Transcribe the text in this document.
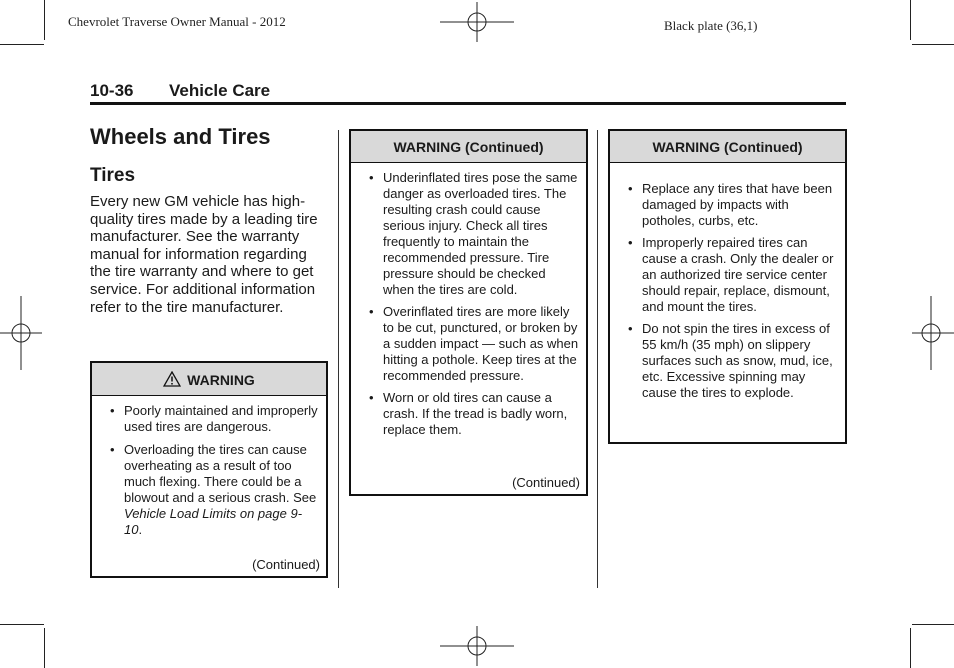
Chevrolet Traverse Owner Manual - 2012	Black plate (36,1)
10-36 Vehicle Care
Wheels and Tires
Tires

Every new GM vehicle has high-quality tires made by a leading tire manufacturer. See the warranty manual for information regarding the tire warranty and where to get service. For additional information refer to the tire manufacturer.

WARNING
• Poorly maintained and improperly used tires are dangerous.
• Overloading the tires can cause overheating as a result of too much flexing. There could be a blowout and a serious crash. See Vehicle Load Limits on page 9-10.
(Continued)
WARNING (Continued)
• Underinflated tires pose the same danger as overloaded tires. The resulting crash could cause serious injury. Check all tires frequently to maintain the recommended pressure. Tire pressure should be checked when the tires are cold.
• Overinflated tires are more likely to be cut, punctured, or broken by a sudden impact — such as when hitting a pothole. Keep tires at the recommended pressure.
• Worn or old tires can cause a crash. If the tread is badly worn, replace them.
(Continued)
WARNING (Continued)
• Replace any tires that have been damaged by impacts with potholes, curbs, etc.
• Improperly repaired tires can cause a crash. Only the dealer or an authorized tire service center should repair, replace, dismount, and mount the tires.
• Do not spin the tires in excess of 55 km/h (35 mph) on slippery surfaces such as snow, mud, ice, etc. Excessive spinning may cause the tires to explode.
